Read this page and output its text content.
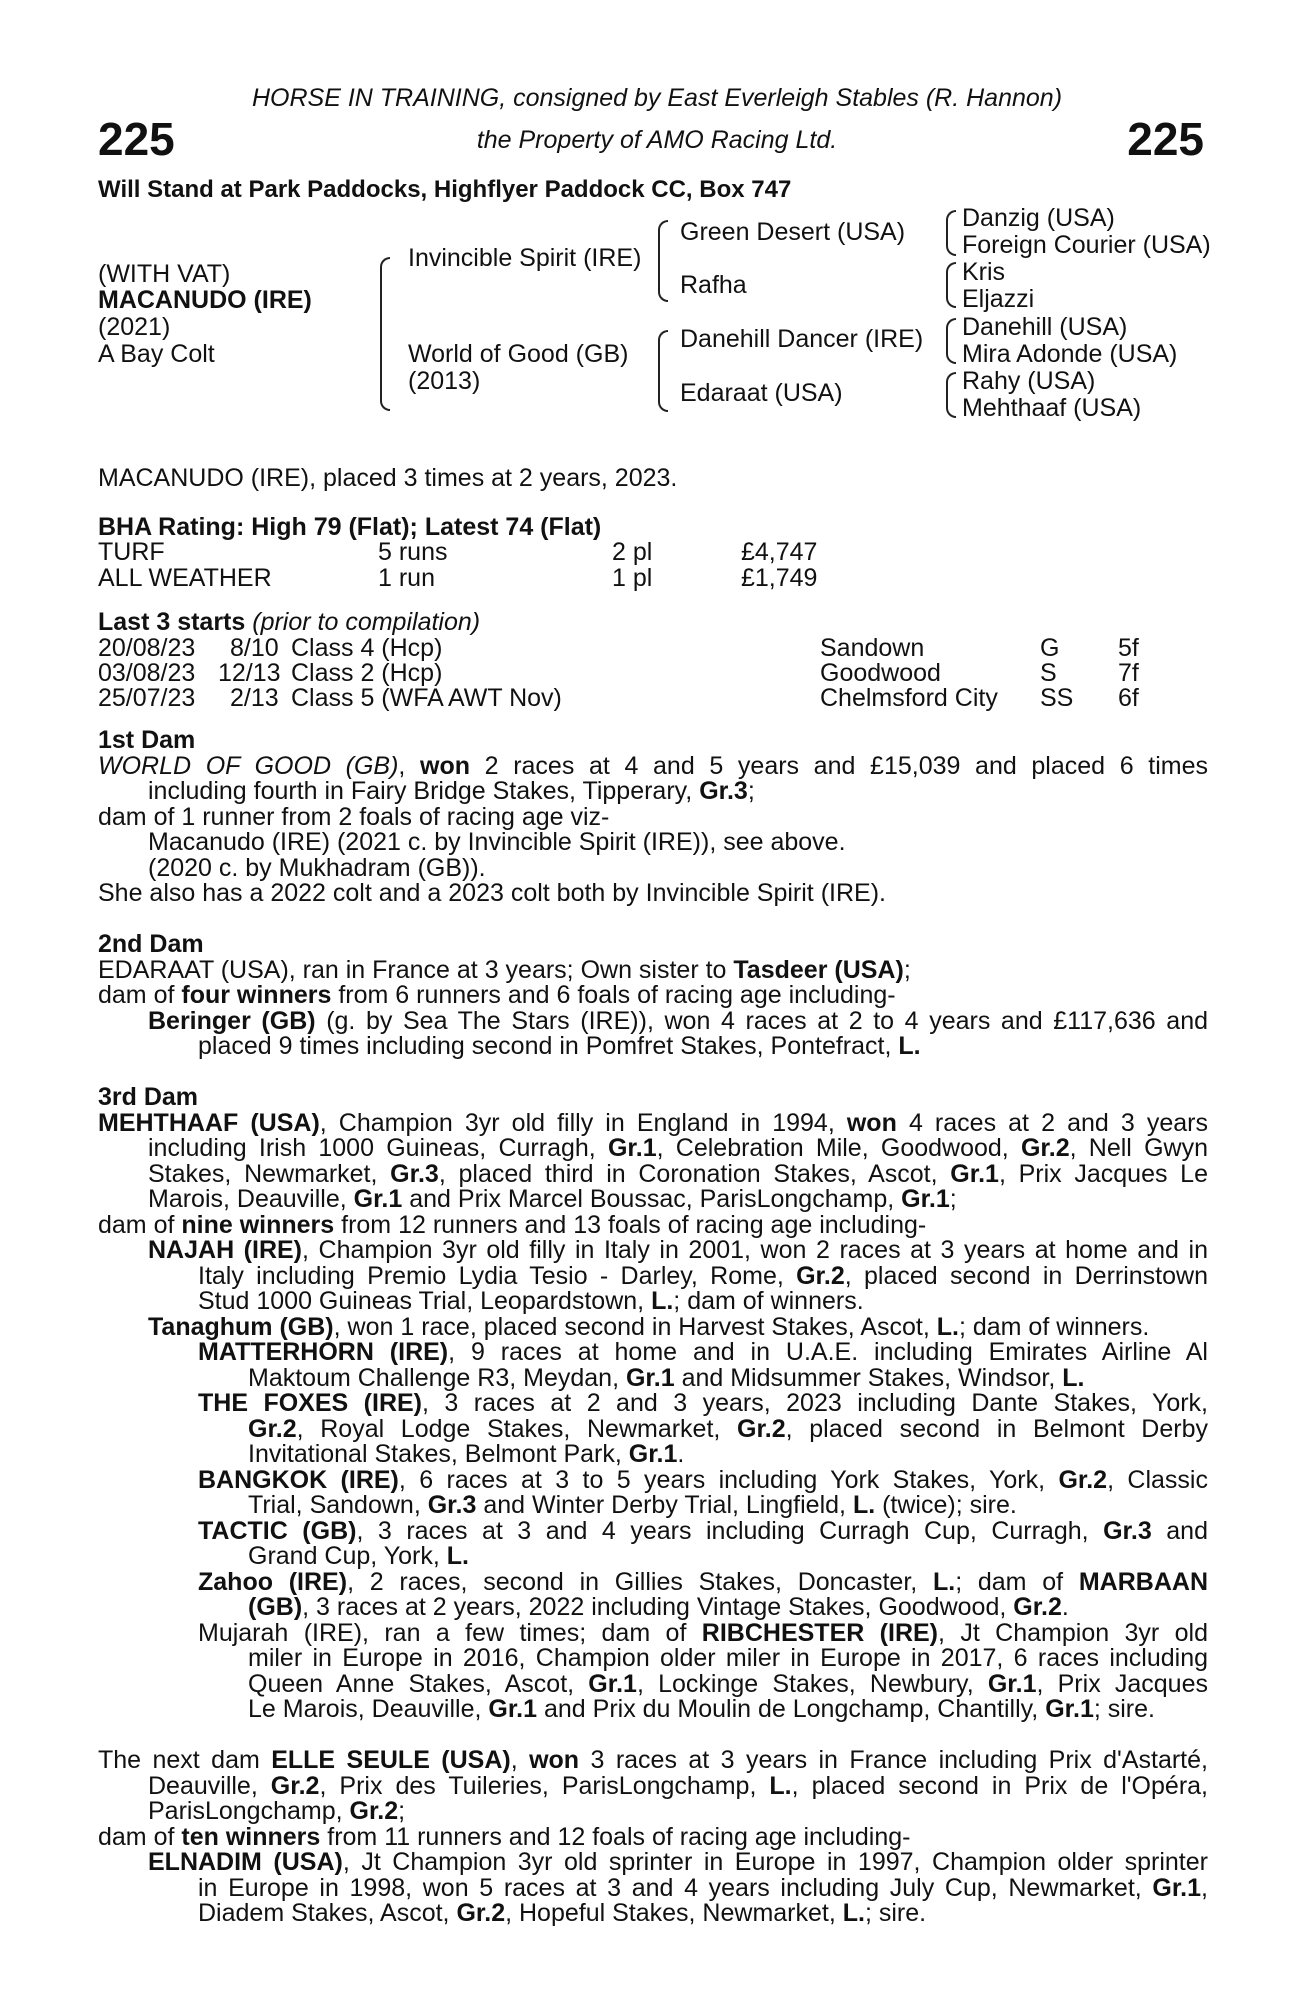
HORSE IN TRAINING, consigned by East Everleigh Stables (R. Hannon)
225	the Property of AMO Racing Ltd.	225
Will Stand at Park Paddocks, Highflyer Paddock CC, Box 747
(WITH VAT)
MACANUDO (IRE)
(2021)
A Bay Colt
Invincible Spirit (IRE)
World of Good (GB)
(2013)
Green Desert (USA)
Rafha
Danehill Dancer (IRE)
Edaraat (USA)
Danzig (USA)
Foreign Courier (USA)
Kris
Eljazzi
Danehill (USA)
Mira Adonde (USA)
Rahy (USA)
Mehthaaf (USA)
MACANUDO (IRE), placed 3 times at 2 years, 2023.
BHA Rating: High 79 (Flat); Latest 74 (Flat)
TURF	5 runs	2 pl	£4,747
ALL WEATHER	1 run	1 pl	£1,749
Last 3 starts (prior to compilation)
20/08/23 8/10 Class 4 (Hcp)	Sandown	G 5f
03/08/23 12/13 Class 2 (Hcp)	Goodwood	S 7f
25/07/23 2/13 Class 5 (WFA AWT Nov)	Chelmsford City SS 6f
1st Dam
WORLD OF GOOD (GB), won 2 races at 4 and 5 years and £15,039 and placed 6 times
including fourth in Fairy Bridge Stakes, Tipperary, Gr.3;
dam of 1 runner from 2 foals of racing age viz-
Macanudo (IRE) (2021 c. by Invincible Spirit (IRE)), see above.
(2020 c. by Mukhadram (GB)).
She also has a 2022 colt and a 2023 colt both by Invincible Spirit (IRE).
2nd Dam
EDARAAT (USA), ran in France at 3 years; Own sister to Tasdeer (USA);
dam of four winners from 6 runners and 6 foals of racing age including-
Beringer (GB) (g. by Sea The Stars (IRE)), won 4 races at 2 to 4 years and £117,636 and
placed 9 times including second in Pomfret Stakes, Pontefract, L.
3rd Dam
MEHTHAAF (USA), Champion 3yr old filly in England in 1994, won 4 races at 2 and 3 years
including Irish 1000 Guineas, Curragh, Gr.1, Celebration Mile, Goodwood, Gr.2, Nell Gwyn
Stakes, Newmarket, Gr.3, placed third in Coronation Stakes, Ascot, Gr.1, Prix Jacques Le
Marois, Deauville, Gr.1 and Prix Marcel Boussac, ParisLongchamp, Gr.1;
dam of nine winners from 12 runners and 13 foals of racing age including-
NAJAH (IRE), Champion 3yr old filly in Italy in 2001, won 2 races at 3 years at home and in
Italy including Premio Lydia Tesio - Darley, Rome, Gr.2, placed second in Derrinstown
Stud 1000 Guineas Trial, Leopardstown, L.; dam of winners.
Tanaghum (GB), won 1 race, placed second in Harvest Stakes, Ascot, L.; dam of winners.
MATTERHORN (IRE), 9 races at home and in U.A.E. including Emirates Airline Al
Maktoum Challenge R3, Meydan, Gr.1 and Midsummer Stakes, Windsor, L.
THE FOXES (IRE), 3 races at 2 and 3 years, 2023 including Dante Stakes, York,
Gr.2, Royal Lodge Stakes, Newmarket, Gr.2, placed second in Belmont Derby
Invitational Stakes, Belmont Park, Gr.1.
BANGKOK (IRE), 6 races at 3 to 5 years including York Stakes, York, Gr.2, Classic
Trial, Sandown, Gr.3 and Winter Derby Trial, Lingfield, L. (twice); sire.
TACTIC (GB), 3 races at 3 and 4 years including Curragh Cup, Curragh, Gr.3 and
Grand Cup, York, L.
Zahoo (IRE), 2 races, second in Gillies Stakes, Doncaster, L.; dam of MARBAAN
(GB), 3 races at 2 years, 2022 including Vintage Stakes, Goodwood, Gr.2.
Mujarah (IRE), ran a few times; dam of RIBCHESTER (IRE), Jt Champion 3yr old
miler in Europe in 2016, Champion older miler in Europe in 2017, 6 races including
Queen Anne Stakes, Ascot, Gr.1, Lockinge Stakes, Newbury, Gr.1, Prix Jacques
Le Marois, Deauville, Gr.1 and Prix du Moulin de Longchamp, Chantilly, Gr.1; sire.
The next dam ELLE SEULE (USA), won 3 races at 3 years in France including Prix d'Astarté,
Deauville, Gr.2, Prix des Tuileries, ParisLongchamp, L., placed second in Prix de l'Opéra,
ParisLongchamp, Gr.2;
dam of ten winners from 11 runners and 12 foals of racing age including-
ELNADIM (USA), Jt Champion 3yr old sprinter in Europe in 1997, Champion older sprinter
in Europe in 1998, won 5 races at 3 and 4 years including July Cup, Newmarket, Gr.1,
Diadem Stakes, Ascot, Gr.2, Hopeful Stakes, Newmarket, L.; sire.
